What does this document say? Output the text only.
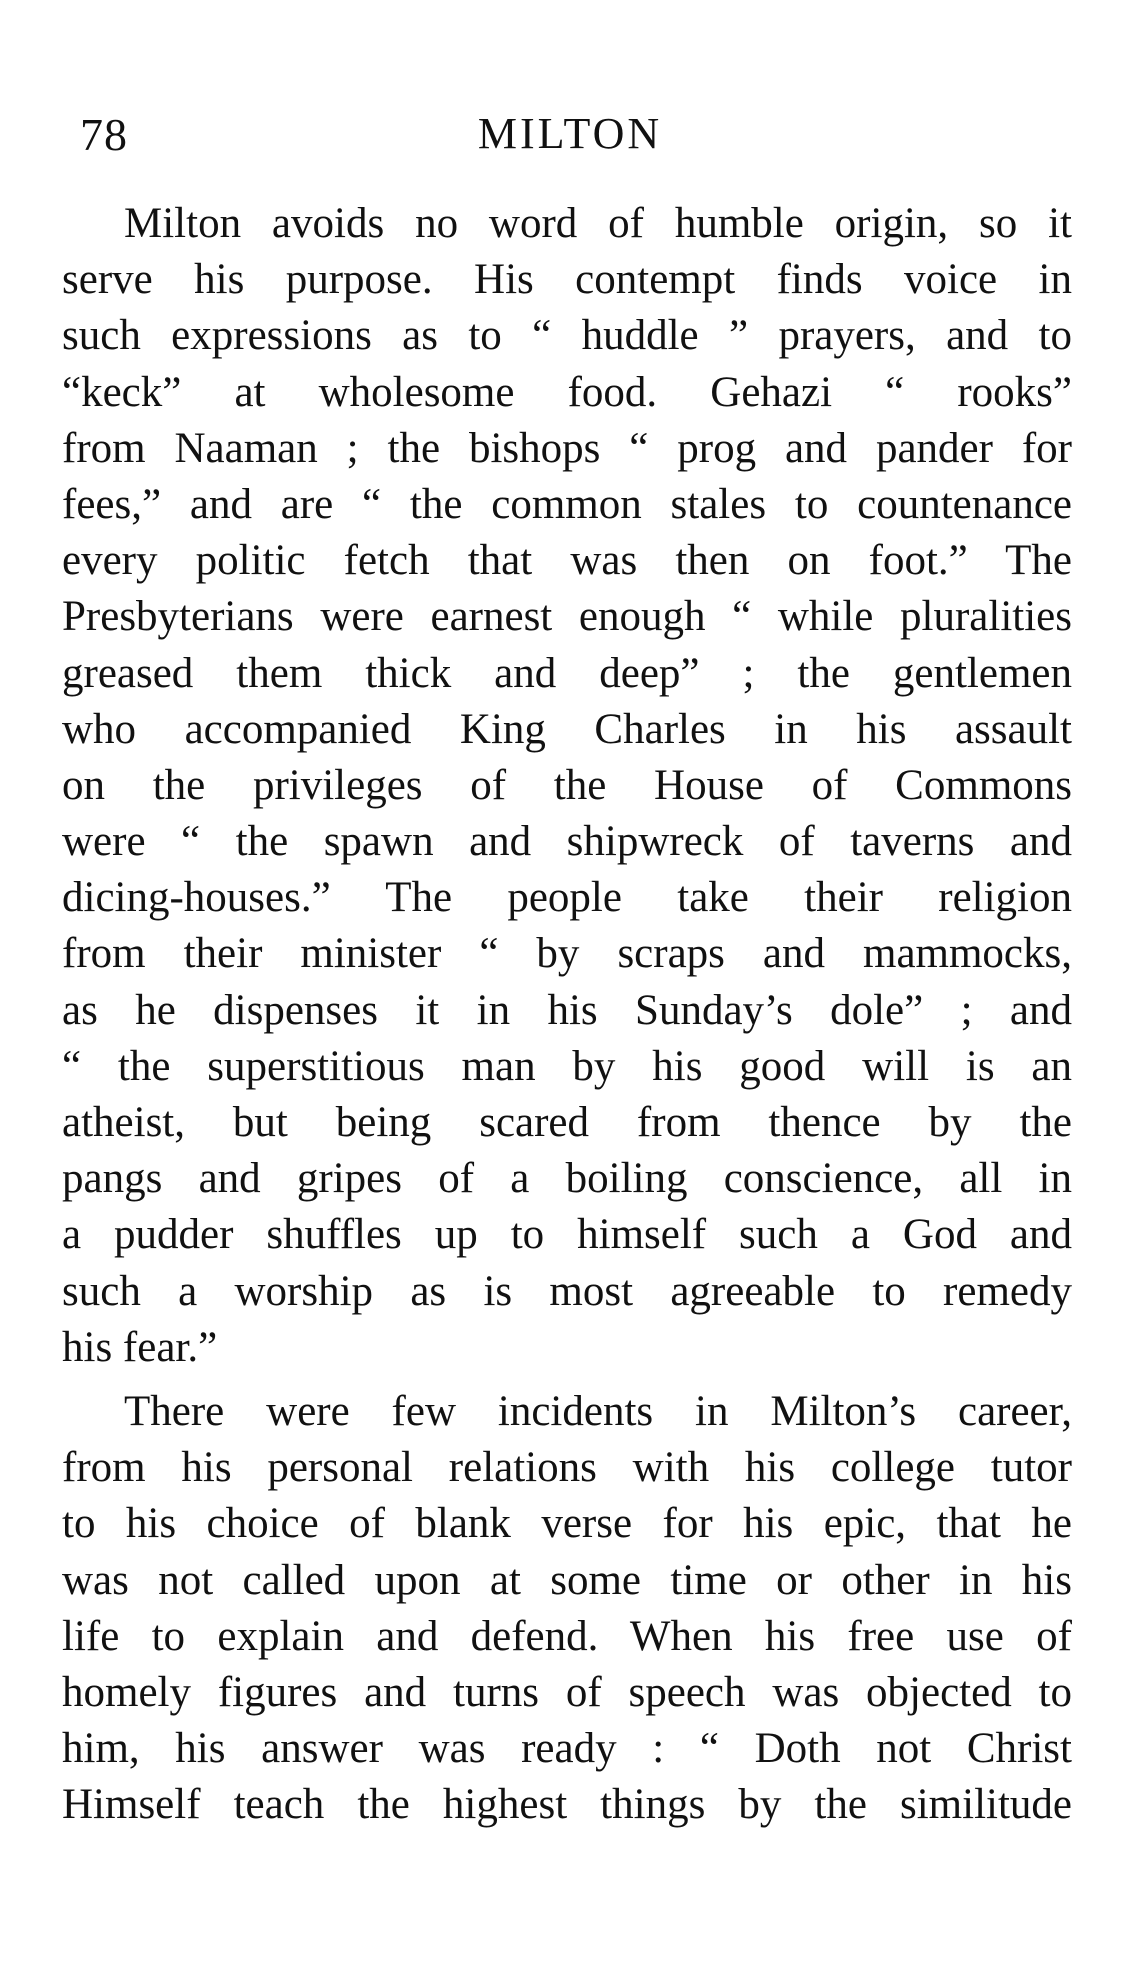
78	MILTON
Milton avoids no word of humble origin, so it
serve his purpose. His contempt finds voice in
such expressions as to “ huddle ” prayers, and to
“keck” at wholesome food. Gehazi “ rooks”
from Naaman ; the bishops “ prog and pander for
fees,” and are “ the common stales to countenance
every politic fetch that was then on foot.” The
Presbyterians were earnest enough “ while pluralities
greased them thick and deep” ; the gentlemen
who accompanied King Charles in his assault
on the privileges of the House of Commons
were “ the spawn and shipwreck of taverns and
dicing-houses.” The people take their religion
from their minister “ by scraps and mammocks,
as he dispenses it in his Sunday’s dole” ; and
“ the superstitious man by his good will is an
atheist, but being scared from thence by the
pangs and gripes of a boiling conscience, all in
a pudder shuffles up to himself such a God and
such a worship as is most agreeable to remedy
his fear.”
There were few incidents in Milton’s career,
from his personal relations with his college tutor
to his choice of blank verse for his epic, that he
was not called upon at some time or other in his
life to explain and defend. When his free use of
homely figures and turns of speech was objected to
him, his answer was ready : “ Doth not Christ
Himself teach the highest things by the similitude
